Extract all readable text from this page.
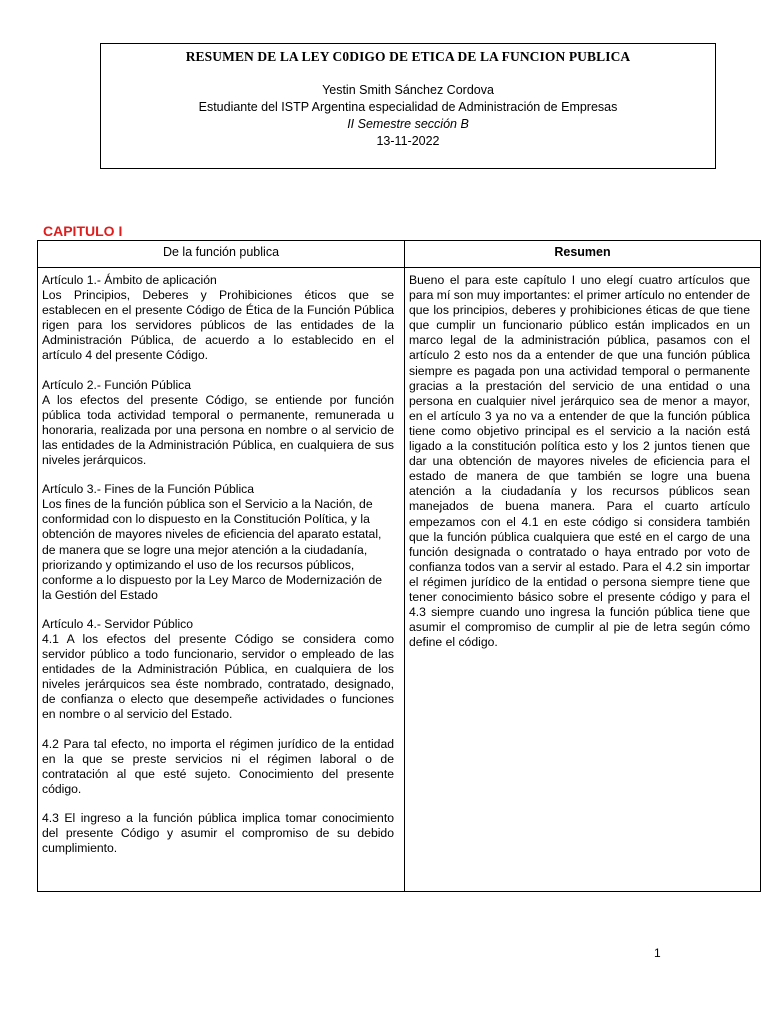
RESUMEN DE LA LEY C0DIGO DE ETICA DE LA FUNCION PUBLICA
Yestin Smith Sánchez Cordova
Estudiante del ISTP Argentina especialidad de Administración de Empresas
II Semestre sección B
13-11-2022
CAPITULO I
De la función publica	Resumen
Artículo 1.- Ámbito de aplicación
Los Principios, Deberes y Prohibiciones éticos que se establecen en el presente Código de Ética de la Función Pública rigen para los servidores públicos de las entidades de la Administración Pública, de acuerdo a lo establecido en el artículo 4 del presente Código.
Artículo 2.- Función Pública
A los efectos del presente Código, se entiende por función pública toda actividad temporal o permanente, remunerada u honoraria, realizada por una persona en nombre o al servicio de las entidades de la Administración Pública, en cualquiera de sus niveles jerárquicos.
Artículo 3.- Fines de la Función Pública
Los fines de la función pública son el Servicio a la Nación, de conformidad con lo dispuesto en la Constitución Política, y la obtención de mayores niveles de eficiencia del aparato estatal, de manera que se logre una mejor atención a la ciudadanía, priorizando y optimizando el uso de los recursos públicos, conforme a lo dispuesto por la Ley Marco de Modernización de la Gestión del Estado
Artículo 4.- Servidor Público
4.1 A los efectos del presente Código se considera como servidor público a todo funcionario, servidor o empleado de las entidades de la Administración Pública, en cualquiera de los niveles jerárquicos sea éste nombrado, contratado, designado, de confianza o electo que desempeñe actividades o funciones en nombre o al servicio del Estado.
4.2 Para tal efecto, no importa el régimen jurídico de la entidad en la que se preste servicios ni el régimen laboral o de contratación al que esté sujeto. Conocimiento del presente código.
4.3 El ingreso a la función pública implica tomar conocimiento del presente Código y asumir el compromiso de su debido cumplimiento.
Bueno el para este capítulo I uno elegí cuatro artículos que para mí son muy importantes: el primer artículo no entender de que los principios, deberes y prohibiciones éticas de que tiene que cumplir un funcionario público están implicados en un marco legal de la administración pública, pasamos con el artículo 2 esto nos da a entender de que una función pública siempre es pagada pon una actividad temporal o permanente gracias a la prestación del servicio de una entidad o una persona en cualquier nivel jerárquico sea de menor a mayor, en el artículo 3 ya no va a entender de que la función pública tiene como objetivo principal es el servicio a la nación está ligado a la constitución política esto y los 2 juntos tienen que dar una obtención de mayores niveles de eficiencia para el estado de manera de que también se logre una buena atención a la ciudadanía y los recursos públicos sean manejados de buena manera. Para el cuarto artículo empezamos con el 4.1 en este código si considera también que la función pública cualquiera que esté en el cargo de una función designada o contratado o haya entrado por voto de confianza todos van a servir al estado. Para el 4.2 sin importar el régimen jurídico de la entidad o persona siempre tiene que tener conocimiento básico sobre el presente código y para el 4.3 siempre cuando uno ingresa la función pública tiene que asumir el compromiso de cumplir al pie de letra según cómo define el código.
1
